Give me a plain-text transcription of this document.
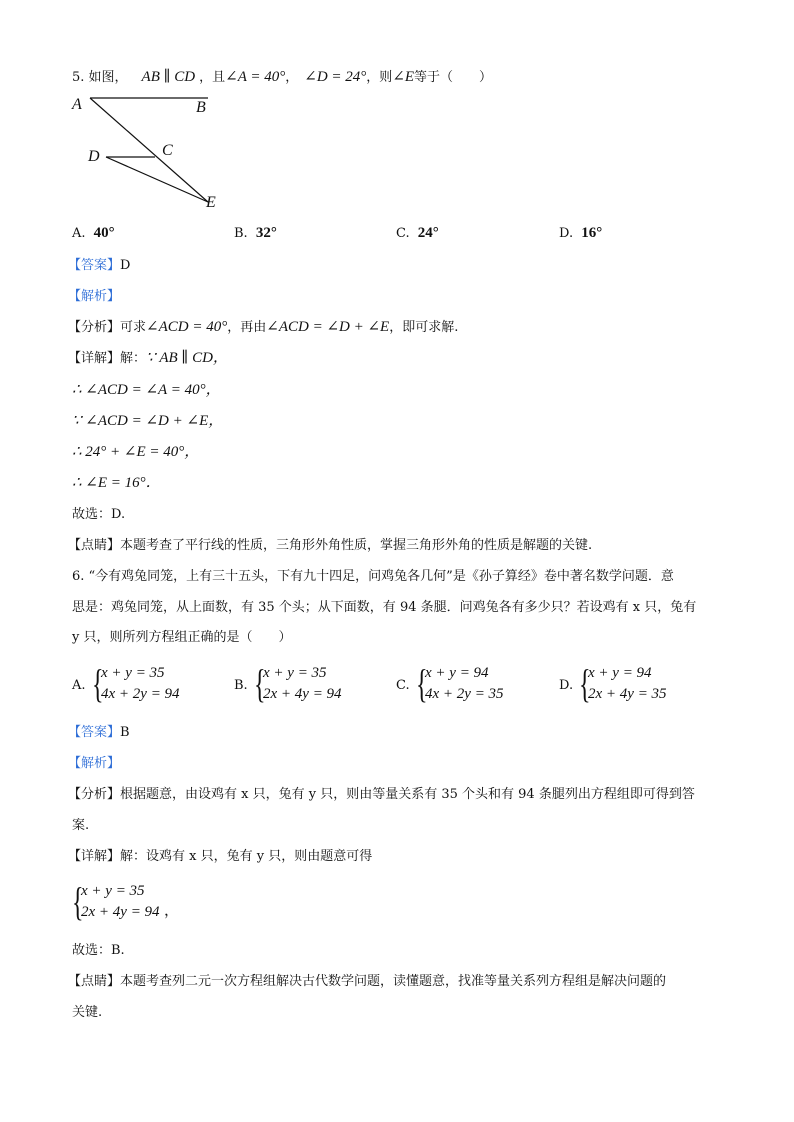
5. 如图， AB ∥ CD ，且∠A = 40°， ∠D = 24°，则∠E等于（　　）
A	B
C
D
E
A. 40°	B. 32°	C. 24°	D. 16°
【答案】D
【解析】
【分析】可求∠ACD = 40°，再由∠ACD = ∠D + ∠E，即可求解.
【详解】解：∵ AB ∥ CD，
∴ ∠ACD = ∠A = 40°，
∵ ∠ACD = ∠D + ∠E，
∴ 24° + ∠E = 40°，
∴ ∠E = 16°．
故选：D.
【点睛】本题考查了平行线的性质，三角形外角性质，掌握三角形外角的性质是解题的关键.
6. “今有鸡兔同笼，上有三十五头，下有九十四足，问鸡兔各几何”是《孙子算经》卷中著名数学问题．意
思是：鸡兔同笼，从上面数，有 35 个头；从下面数，有 94 条腿．问鸡兔各有多少只？若设鸡有 x 只，兔有
y 只，则所列方程组正确的是（　　）
A. {
x + y = 35
4x + 2y = 94
B. {
x + y = 35
2x + 4y = 94
C. {
x + y = 94
4x + 2y = 35
D. {
x + y = 94
2x + 4y = 35
【答案】B
【解析】
【分析】根据题意，由设鸡有 x 只，兔有 y 只，则由等量关系有 35 个头和有 94 条腿列出方程组即可得到答
案.
【详解】解：设鸡有 x 只，兔有 y 只，则由题意可得
{
x + y = 35
2x + 4y = 94 ，
故选：B.
【点睛】本题考查列二元一次方程组解决古代数学问题，读懂题意，找准等量关系列方程组是解决问题的
关键.
